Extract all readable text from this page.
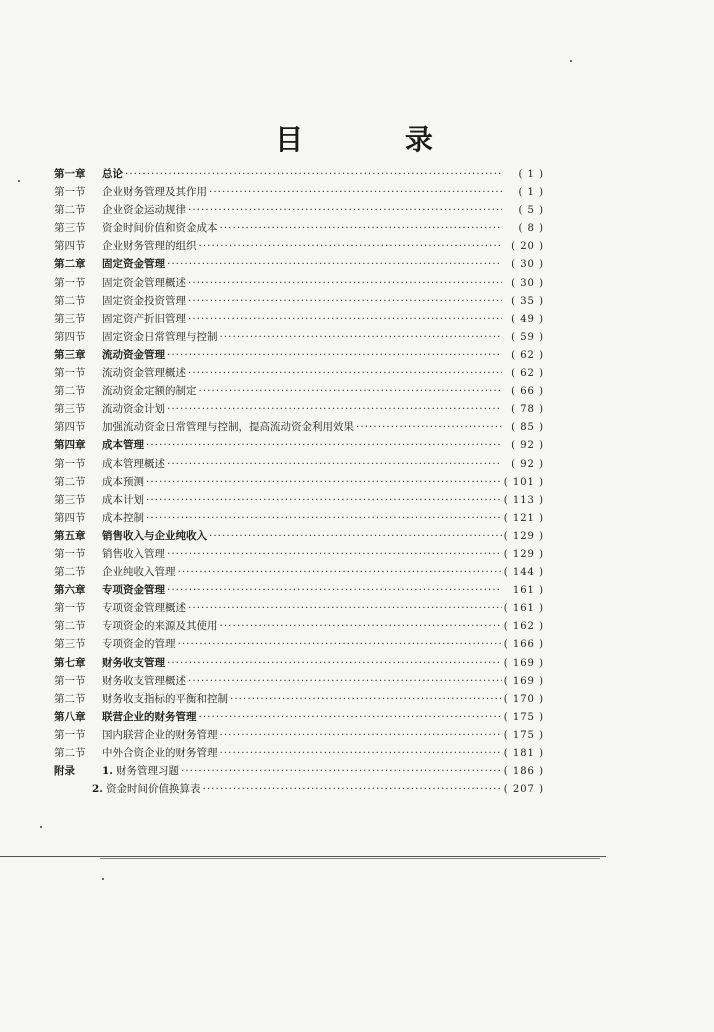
目 录
第一章	总论 ·····	( 1 )
第一节	企业财务管理及其作用 ·····	( 1 )
第二节	企业资金运动规律 ·····	( 5 )
第三节	资金时间价值和资金成本 ·····	( 8 )
第四节	企业财务管理的组织 ·····	( 20 )
第二章	固定资金管理 ·····	( 30 )
第一节	固定资金管理概述 ·····	( 30 )
第二节	固定资金投资管理 ·····	( 35 )
第三节	固定资产折旧管理 ·····	( 49 )
第四节	固定资金日常管理与控制 ·····	( 59 )
第三章	流动资金管理 ·····	( 62 )
第一节	流动资金管理概述 ·····	( 62 )
第二节	流动资金定额的制定 ·····	( 66 )
第三节	流动资金计划 ·····	( 78 )
第四节	加强流动资金日常管理与控制，提高流动资金利用效果 ·····	( 85 )
第四章	成本管理 ·····	( 92 )
第一节	成本管理概述 ·····	( 92 )
第二节	成本预测 ·····	( 101 )
第三节	成本计划 ·····	( 113 )
第四节	成本控制 ·····	( 121 )
第五章	销售收入与企业纯收入 ·····	( 129 )
第一节	销售收入管理 ·····	( 129 )
第二节	企业纯收入管理 ·····	( 144 )
第六章	专项资金管理 ·····	161 )
第一节	专项资金管理概述 ·····	( 161 )
第二节	专项资金的来源及其使用 ·····	( 162 )
第三节	专项资金的管理 ·····	( 166 )
第七章	财务收支管理 ·····	( 169 )
第一节	财务收支管理概述 ·····	( 169 )
第二节	财务收支指标的平衡和控制 ·····	( 170 )
第八章	联营企业的财务管理 ·····	( 175 )
第一节	国内联营企业的财务管理 ·····	( 175 )
第二节	中外合资企业的财务管理 ·····	( 181 )
附录	1. 财务管理习题 ·····	( 186 )
2. 资金时间价值换算表 ·····	( 207 )
